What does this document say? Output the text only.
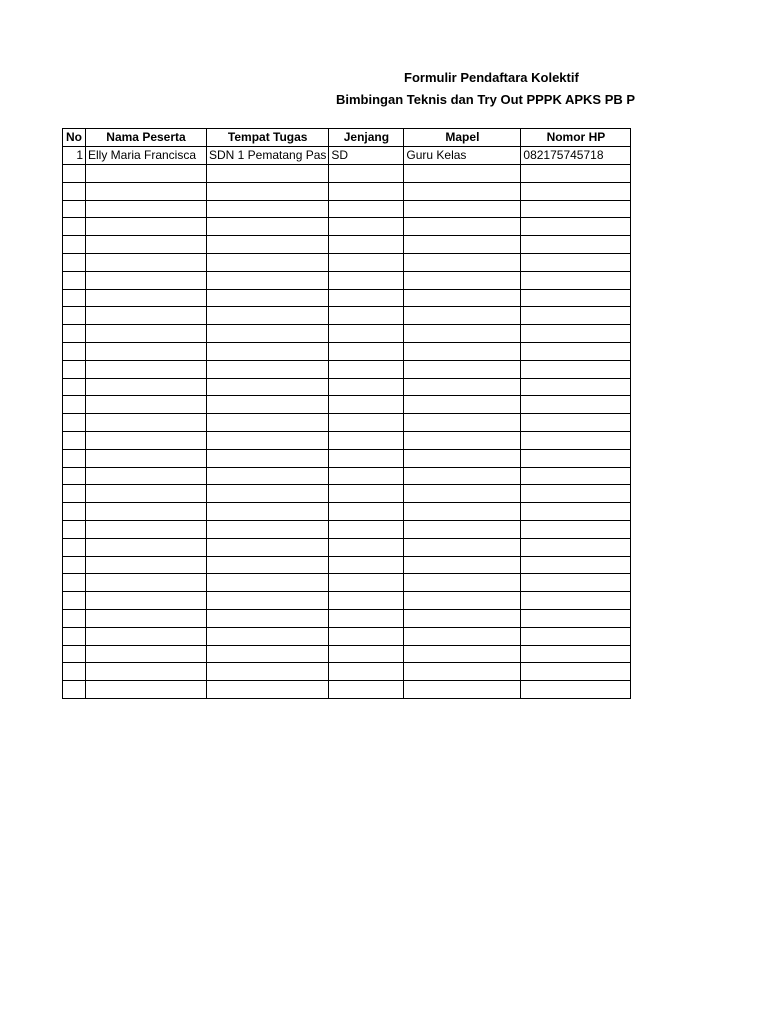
Formulir Pendaftara Kolektif
Bimbingan Teknis dan Try Out PPPK APKS PB P
No	Nama Peserta	Tempat Tugas	Jenjang	Mapel	Nomor HP
1	Elly Maria Francisca	SDN 1 Pematang Pas	SD	Guru Kelas	082175745718
